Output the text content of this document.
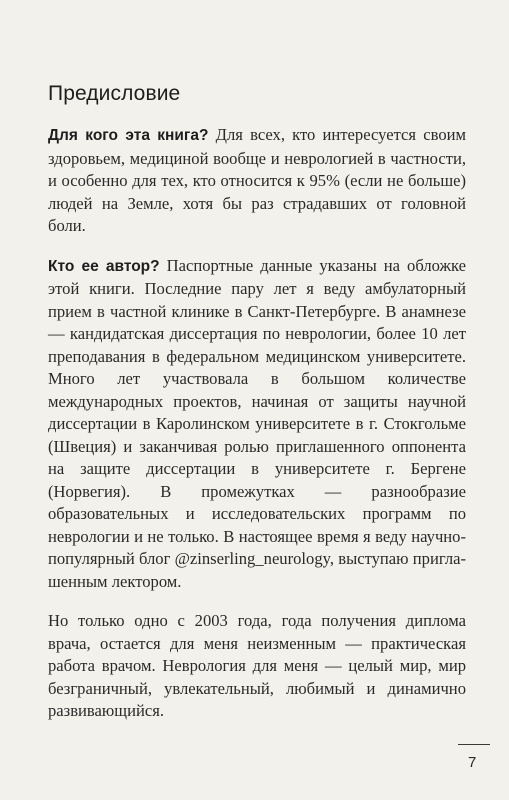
Предисловие

Для кого эта книга? Для всех, кто интересуется своим здоровьем, медициной вообще и неврологией в частности, и особенно для тех, кто относится к 95% (если не больше) людей на Земле, хотя бы раз страдавших от головной боли.

Кто ее автор? Паспортные данные указаны на обложке этой книги. Последние пару лет я веду амбулаторный прием в частной клинике в Санкт-Петербурге. В анамнезе — кандидатская диссертация по неврологии, более 10 лет преподавания в федеральном медицинском университете. Много лет участвовала в большом количестве международных проектов, начиная от защиты научной диссертации в Каролинском университете в г. Стокгольме (Швеция) и заканчивая ролью приглашенного оппонента на защите диссертации в университете г. Бергене (Норвегия). В промежутках — разнообразие образовательных и исследовательских программ по неврологии и не только. В настоящее время я веду научно-популярный блог @zinserling_neurology, выступаю приглашенным лектором.

Но только одно с 2003 года, года получения диплома врача, остается для меня неизменным — практическая работа врачом. Неврология для меня — целый мир, мир безграничный, увлекательный, любимый и динамично развивающийся.

7
